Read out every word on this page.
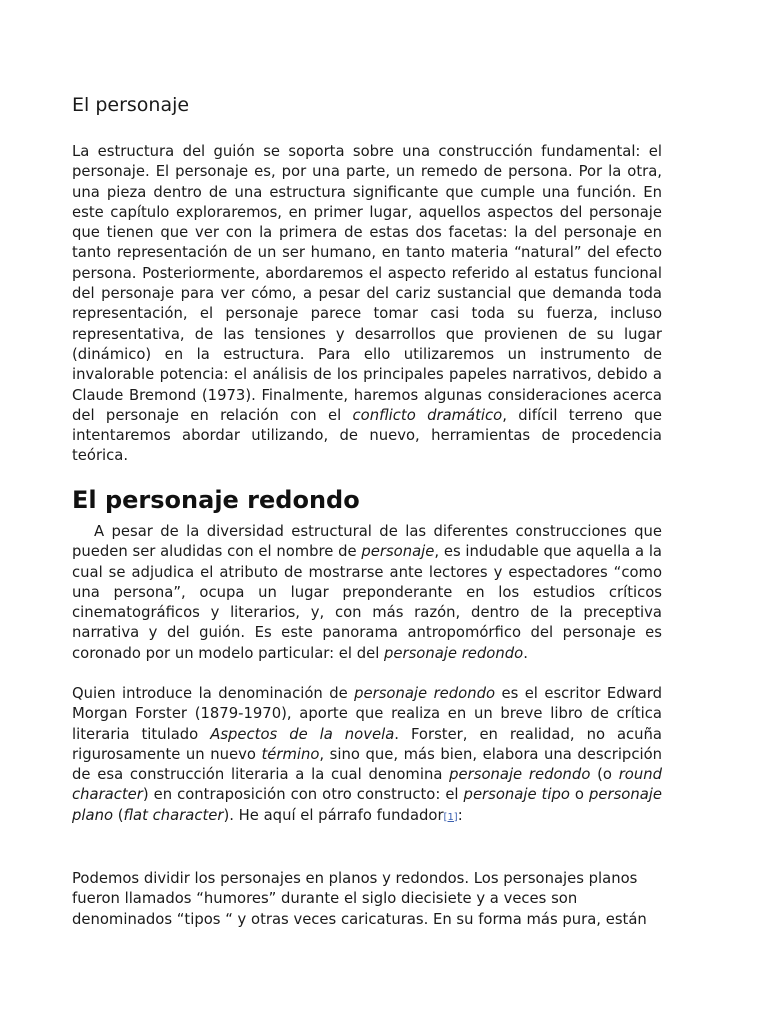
El personaje

La estructura del guión se soporta sobre una construcción fundamental: el personaje. El personaje es, por una parte, un remedo de persona. Por la otra, una pieza dentro de una estructura significante que cumple una función. En este capítulo exploraremos, en primer lugar, aquellos aspectos del personaje que tienen que ver con la primera de estas dos facetas: la del personaje en tanto representación de un ser humano, en tanto materia “natural” del efecto persona. Posteriormente, abordaremos el aspecto referido al estatus funcional del personaje para ver cómo, a pesar del cariz sustancial que demanda toda representación, el personaje parece tomar casi toda su fuerza, incluso representativa, de las tensiones y desarrollos que provienen de su lugar (dinámico) en la estructura. Para ello utilizaremos un instrumento de invalorable potencia: el análisis de los principales papeles narrativos, debido a Claude Bremond (1973). Finalmente, haremos algunas consideraciones acerca del personaje en relación con el conflicto dramático, difícil terreno que intentaremos abordar utilizando, de nuevo, herramientas de procedencia teórica.

El personaje redondo

A pesar de la diversidad estructural de las diferentes construcciones que pueden ser aludidas con el nombre de personaje, es indudable que aquella a la cual se adjudica el atributo de mostrarse ante lectores y espectadores “como una persona”, ocupa un lugar preponderante en los estudios críticos cinematográficos y literarios, y, con más razón, dentro de la preceptiva narrativa y del guión. Es este panorama antropomórfico del personaje es coronado por un modelo particular: el del personaje redondo.

Quien introduce la denominación de personaje redondo es el escritor Edward Morgan Forster (1879-1970), aporte que realiza en un breve libro de crítica literaria titulado Aspectos de la novela. Forster, en realidad, no acuña rigurosamente un nuevo término, sino que, más bien, elabora una descripción de esa construcción literaria a la cual denomina personaje redondo (o round character) en contraposición con otro constructo: el personaje tipo o personaje plano (flat character). He aquí el párrafo fundador[1]:

Podemos dividir los personajes en planos y redondos. Los personajes planos fueron llamados “humores” durante el siglo diecisiete y a veces son denominados “tipos “ y otras veces caricaturas. En su forma más pura, están
